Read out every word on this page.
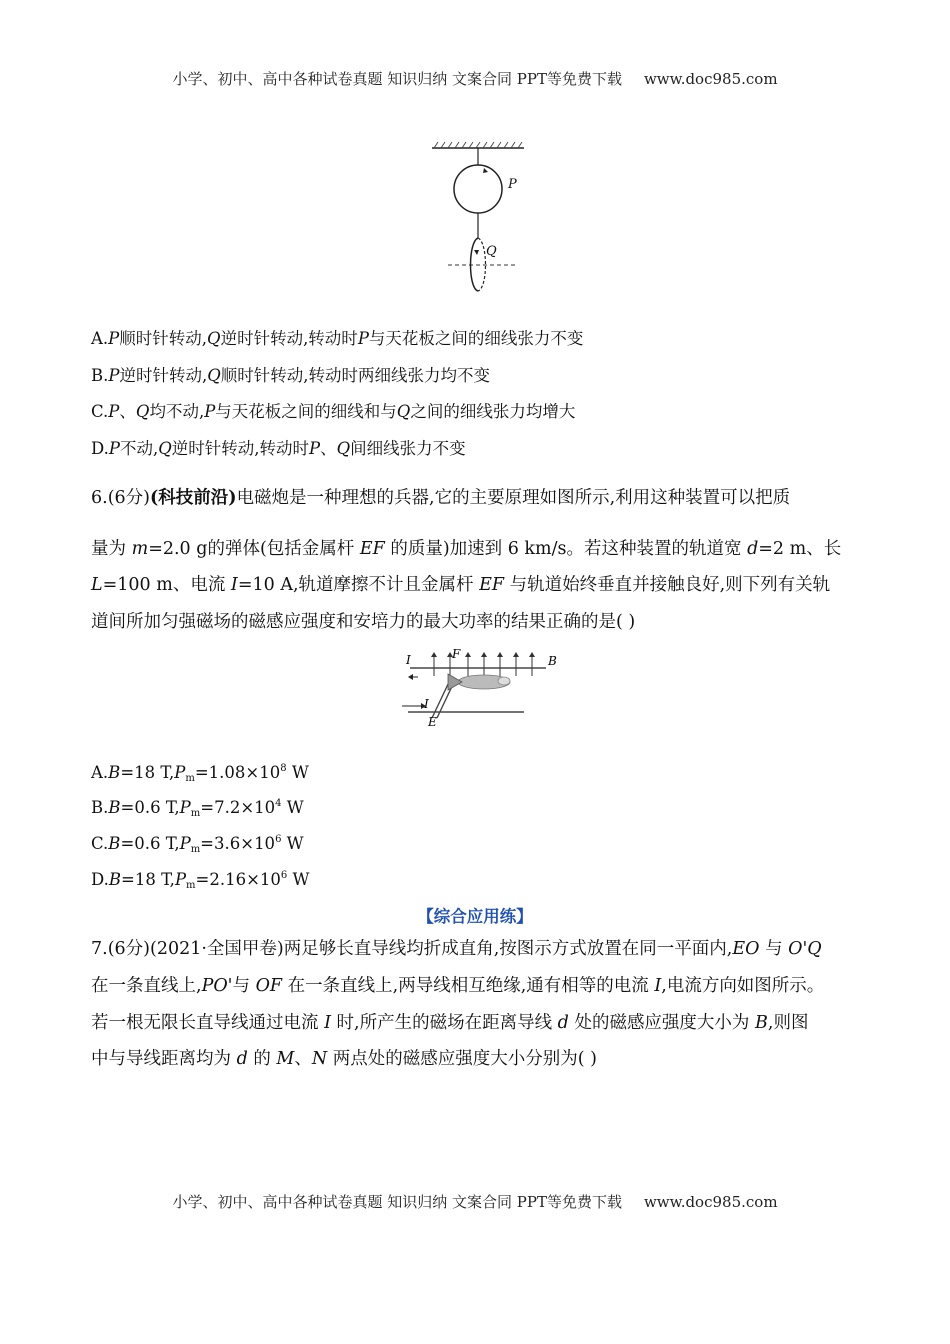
小学、初中、高中各种试卷真题 知识归纳 文案合同 PPT等免费下载 www.doc985.com
P
Q
A.P顺时针转动,Q逆时针转动,转动时P与天花板之间的细线张力不变
B.P逆时针转动,Q顺时针转动,转动时两细线张力均不变
C.P、Q均不动,P与天花板之间的细线和与Q之间的细线张力均增大
D.P不动,Q逆时针转动,转动时P、Q间细线张力不变
6.(6分)(科技前沿)电磁炮是一种理想的兵器,它的主要原理如图所示,利用这种装置可以把质
量为 m=2.0 g的弹体(包括金属杆 EF 的质量)加速到 6 km/s。若这种装置的轨道宽 d=2 m、长
L=100 m、电流 I=10 A,轨道摩擦不计且金属杆 EF 与轨道始终垂直并接触良好,则下列有关轨
道间所加匀强磁场的磁感应强度和安培力的最大功率的结果正确的是( )
I	F	B
I
E
A.B=18 $T,P_m=1.08\times 10^8$ W
B.B=0.6 $T,P_m=7.2\times 10^4$ W
C.B=0.6 $T,P_m=3.6\times 10^6$ W
D.B=18 $T,P_m=2.16\times 10^6$ W
【综合应用练】
7.(6分)(2021·全国甲卷)两足够长直导线均折成直角,按图示方式放置在同一平面内,EO 与 O'Q
在一条直线上,PO'与 OF 在一条直线上,两导线相互绝缘,通有相等的电流 I,电流方向如图所示。
若一根无限长直导线通过电流 I 时,所产生的磁场在距离导线 d 处的磁感应强度大小为 B,则图
中与导线距离均为 d 的 M、N 两点处的磁感应强度大小分别为( )
小学、初中、高中各种试卷真题 知识归纳 文案合同 PPT等免费下载 www.doc985.com
